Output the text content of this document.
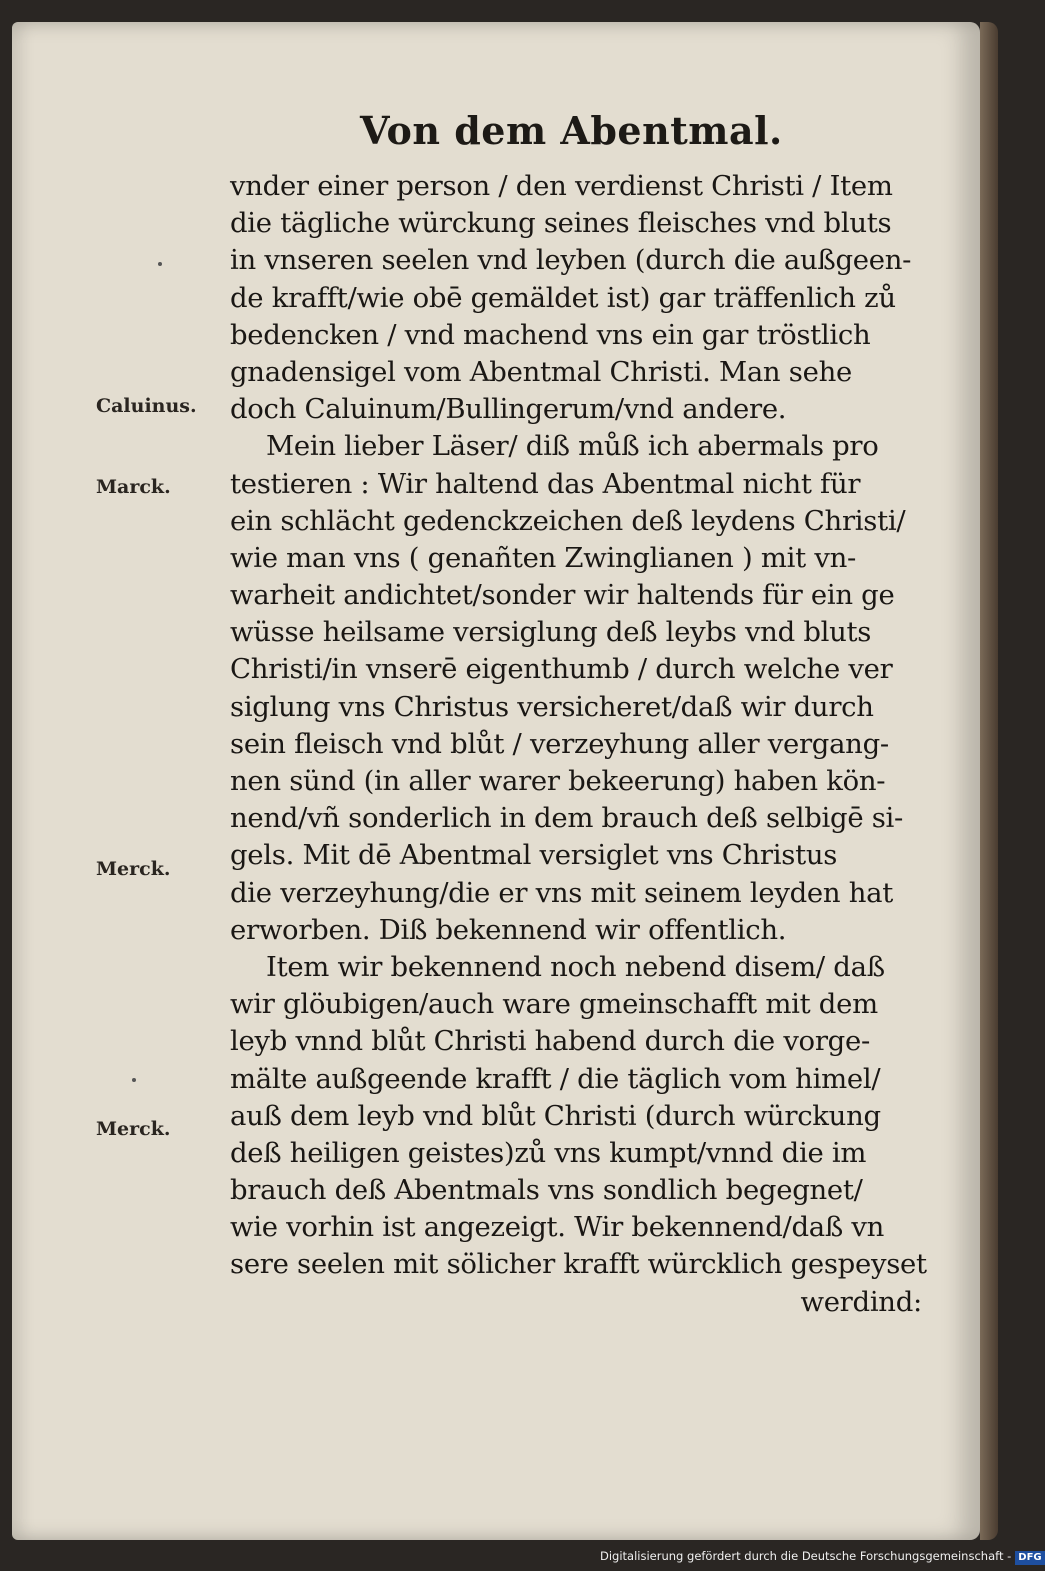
Von dem Abentmal.
vnder einer person / den verdienst Christi / Item
die tägliche würckung seines fleisches vnd bluts
in vnseren seelen vnd leyben (durch die außgeen-
de krafft/wie obē gemäldet ist) gar träffenlich zů
bedencken / vnd machend vns ein gar tröstlich
gnadensigel vom Abentmal Christi. Man sehe
doch Caluinum/Bullingerum/vnd andere.
Mein lieber Läser/ diß můß ich abermals pro
testieren : Wir haltend das Abentmal nicht für
ein schlächt gedenckzeichen deß leydens Christi/
wie man vns ( genañten Zwinglianen ) mit vn-
warheit andichtet/sonder wir haltends für ein ge
wüsse heilsame versiglung deß leybs vnd bluts
Christi/in vnserē eigenthumb / durch welche ver
siglung vns Christus versicheret/daß wir durch
sein fleisch vnd blůt / verzeyhung aller vergang-
nen sünd (in aller warer bekeerung) haben kön-
nend/vñ sonderlich in dem brauch deß selbigē si-
gels. Mit dē Abentmal versiglet vns Christus
die verzeyhung/die er vns mit seinem leyden hat
erworben. Diß bekennend wir offentlich.
Item wir bekennend noch nebend disem/ daß
wir glöubigen/auch ware gmeinschafft mit dem
leyb vnnd blůt Christi habend durch die vorge-
mälte außgeende krafft / die täglich vom himel/
auß dem leyb vnd blůt Christi (durch würckung
deß heiligen geistes)zů vns kumpt/vnnd die im
brauch deß Abentmals vns sondlich begegnet/
wie vorhin ist angezeigt. Wir bekennend/daß vn
sere seelen mit sölicher krafft würcklich gespeyset
werdind:
Caluinus.
Marck.
Merck.
Merck.
Digitalisierung gefördert durch die Deutsche Forschungsgemeinschaft - DFG
